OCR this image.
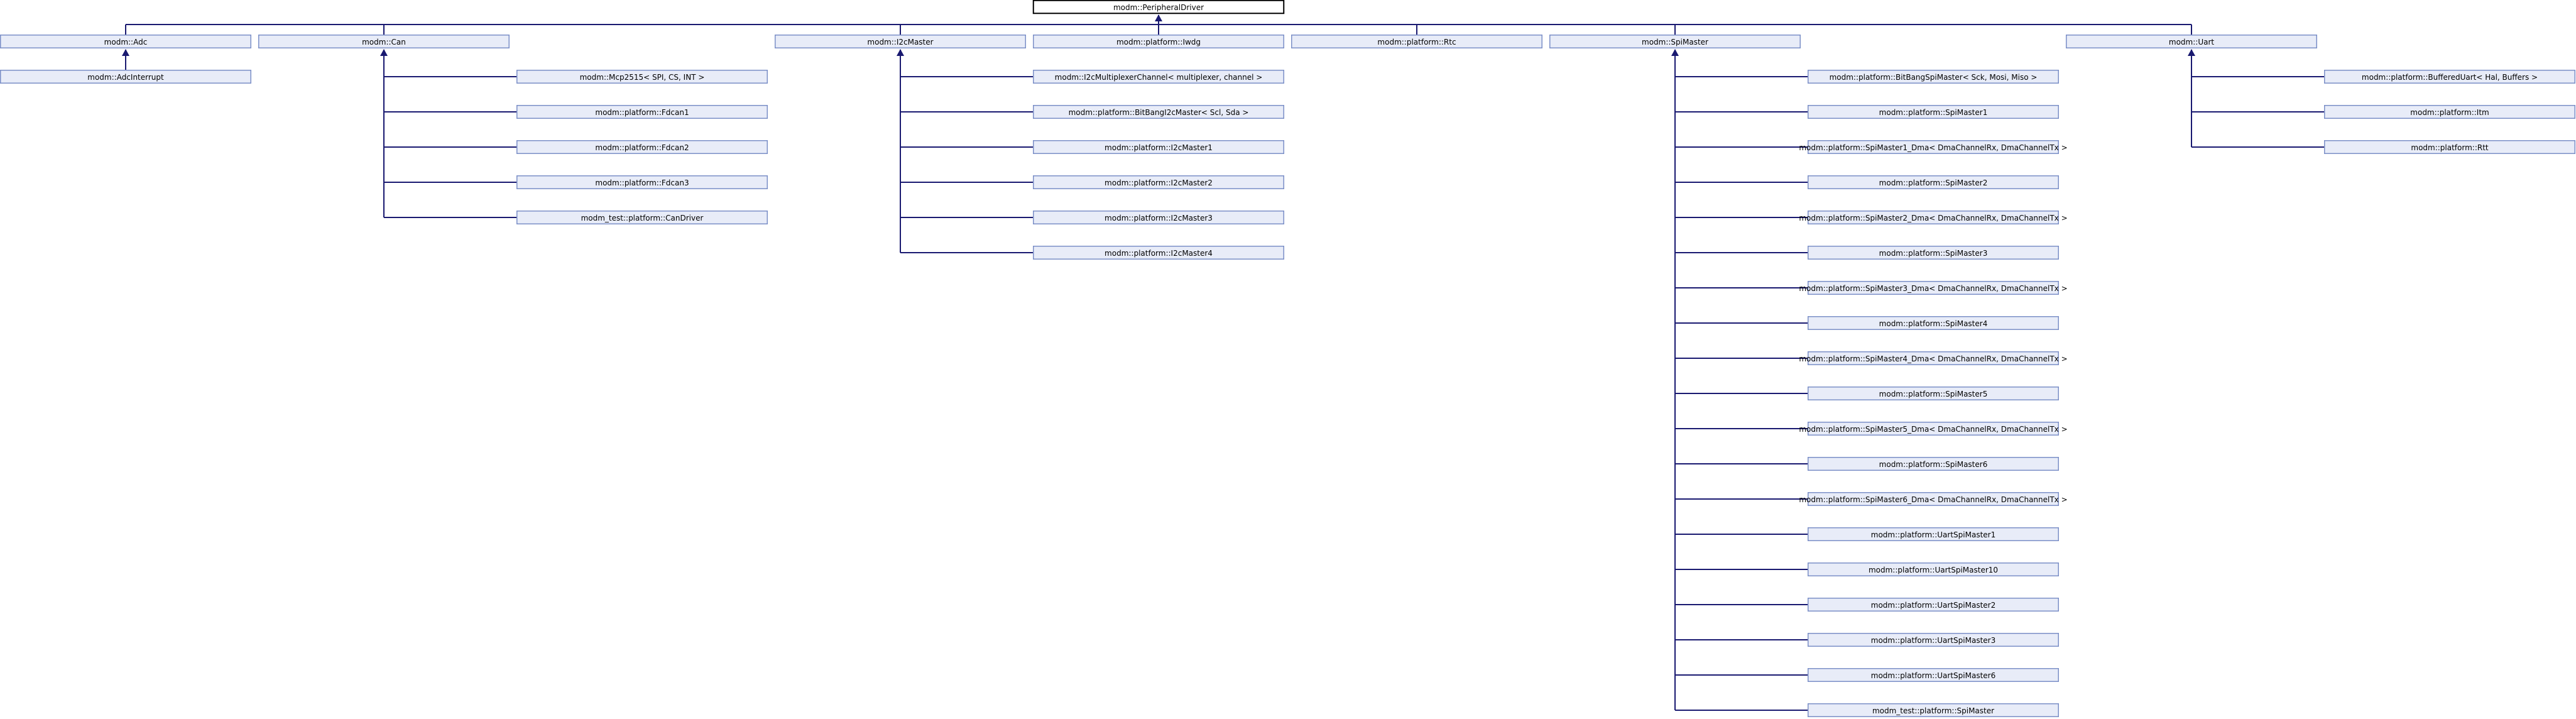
modm::PeripheralDriver
modm::Adc
modm::AdcInterrupt
modm::Can
modm::Mcp2515< SPI, CS, INT >
modm::platform::Fdcan1
modm::platform::Fdcan2
modm::platform::Fdcan3
modm_test::platform::CanDriver
modm::I2cMaster
modm::I2cMultiplexerChannel< multiplexer, channel >
modm::platform::BitBangI2cMaster< Scl, Sda >
modm::platform::I2cMaster1
modm::platform::I2cMaster2
modm::platform::I2cMaster3
modm::platform::I2cMaster4
modm::platform::Iwdg	modm::platform::Rtc	modm::SpiMaster
modm::platform::BitBangSpiMaster< Sck, Mosi, Miso >
modm::platform::SpiMaster1
modm::platform::SpiMaster1_Dma< DmaChannelRx, DmaChannelTx >
modm::platform::SpiMaster2
modm::platform::SpiMaster2_Dma< DmaChannelRx, DmaChannelTx >
modm::platform::SpiMaster3
modm::platform::SpiMaster3_Dma< DmaChannelRx, DmaChannelTx >
modm::platform::SpiMaster4
modm::platform::SpiMaster4_Dma< DmaChannelRx, DmaChannelTx >
modm::platform::SpiMaster5
modm::platform::SpiMaster5_Dma< DmaChannelRx, DmaChannelTx >
modm::platform::SpiMaster6
modm::platform::SpiMaster6_Dma< DmaChannelRx, DmaChannelTx >
modm::platform::UartSpiMaster1
modm::platform::UartSpiMaster10
modm::platform::UartSpiMaster2
modm::platform::UartSpiMaster3
modm::platform::UartSpiMaster6
modm_test::platform::SpiMaster
modm::Uart
modm::platform::BufferedUart< Hal, Buffers >
modm::platform::Itm
modm::platform::Rtt
